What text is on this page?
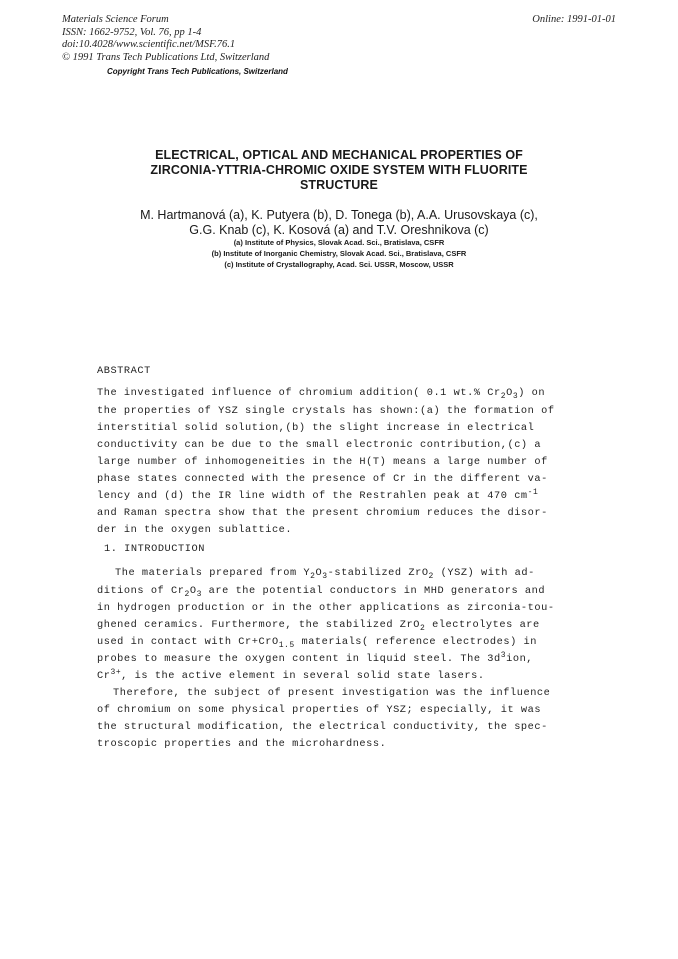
Materials Science Forum
ISSN: 1662-9752, Vol. 76, pp 1-4
doi:10.4028/www.scientific.net/MSF.76.1
© 1991 Trans Tech Publications Ltd, Switzerland
Copyright Trans Tech Publications, Switzerland
Online: 1991-01-01
ELECTRICAL, OPTICAL AND MECHANICAL PROPERTIES OF
ZIRCONIA-YTTRIA-CHROMIC OXIDE SYSTEM WITH FLUORITE
STRUCTURE
M. Hartmanová (a), K. Putyera (b), D. Tonega (b), A.A. Urusovskaya (c),
G.G. Knab (c), K. Kosová (a) and T.V. Oreshnikova (c)
(a) Institute of Physics, Slovak Acad. Sci., Bratislava, CSFR
(b) Institute of Inorganic Chemistry, Slovak Acad. Sci., Bratislava, CSFR
(c) Institute of Crystallography, Acad. Sci. USSR, Moscow, USSR
ABSTRACT
The investigated influence of chromium addition( 0.1 wt.% $Cr_2O_3$) on
the properties of YSZ single crystals has shown:(a) the formation of
interstitial solid solution,(b) the slight increase in electrical
conductivity can be due to the small electronic contribution,(c) a
large number of inhomogeneities in the H(T) means a large number of
phase states connected with the presence of Cr in the different va-
lency and (d) the IR line width of the Restrahlen peak at 470 $cm^{-1}$
and Raman spectra show that the present chromium reduces the disor-
der in the oxygen sublattice.
1. INTRODUCTION
The materials prepared from $Y_2O_3$-stabilized ZrO$_2$ (YSZ) with ad-
ditions of $Cr_2O_3$ are the potential conductors in MHD generators and
in hydrogen production or in the other applications as zirconia-tou-
ghened ceramics. Furthermore, the stabilized ZrO$_2$ electrolytes are
used in contact with Cr+CrO$_{1.5}$ materials( reference electrodes) in
probes to measure the oxygen content in liquid steel. The $3d^3ion$,
$Cr^{3+}$, is the active element in several solid state lasers.
Therefore, the subject of present investigation was the influence
of chromium on some physical properties of YSZ; especially, it was
the structural modification, the electrical conductivity, the spec-
troscopic properties and the microhardness.
